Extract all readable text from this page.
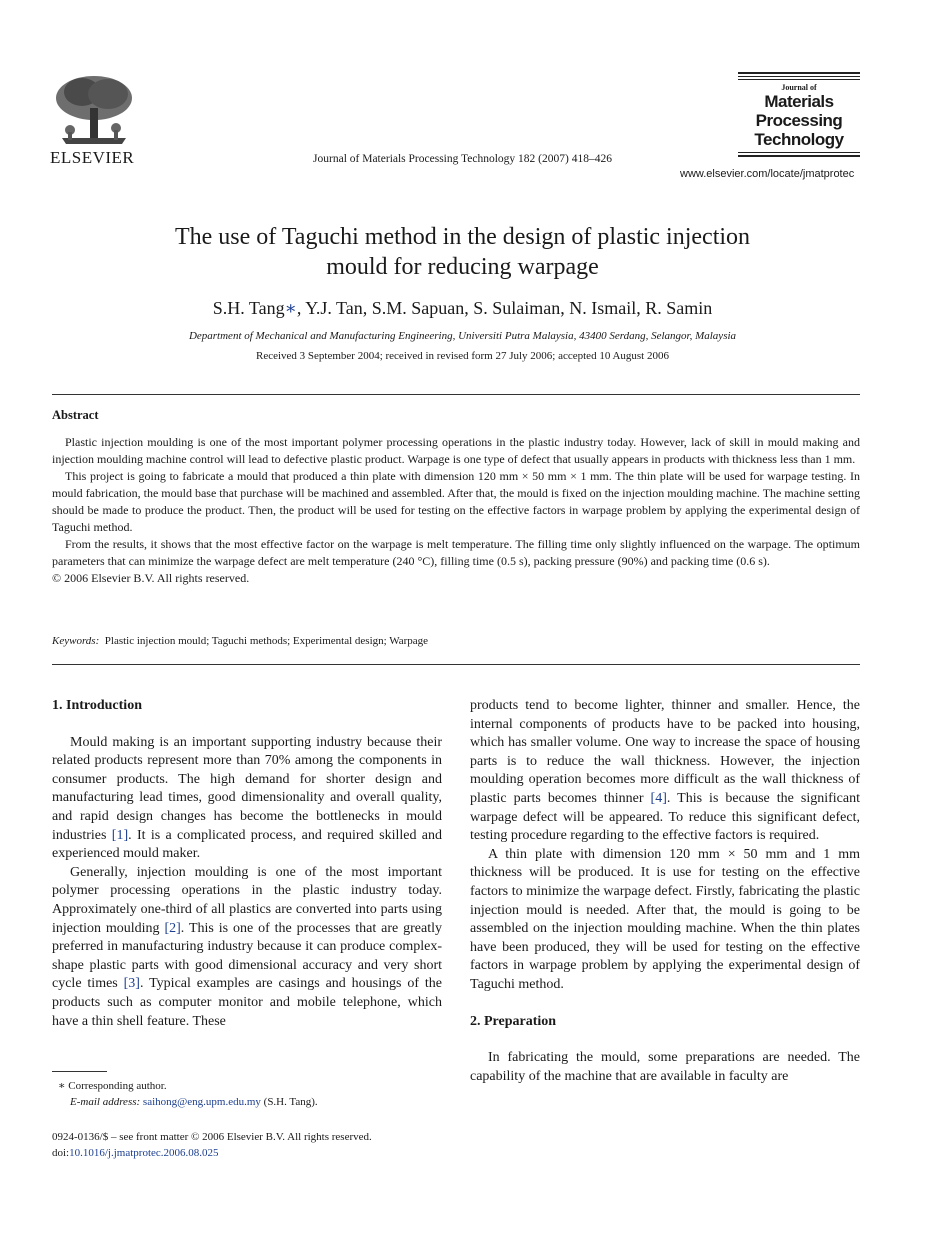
ELSEVIER	Journal of Materials Processing Technology 182 (2007) 418–426
Journal of
Materials
Processing
Technology
www.elsevier.com/locate/jmatprotec
The use of Taguchi method in the design of plastic injection
mould for reducing warpage
S.H. Tang∗, Y.J. Tan, S.M. Sapuan, S. Sulaiman, N. Ismail, R. Samin
Department of Mechanical and Manufacturing Engineering, Universiti Putra Malaysia, 43400 Serdang, Selangor, Malaysia
Received 3 September 2004; received in revised form 27 July 2006; accepted 10 August 2006
Abstract

Plastic injection moulding is one of the most important polymer processing operations in the plastic industry today. However, lack of skill in mould making and injection moulding machine control will lead to defective plastic product. Warpage is one type of defect that usually appears in products with thickness less than 1 mm.

This project is going to fabricate a mould that produced a thin plate with dimension 120 mm × 50 mm × 1 mm. The thin plate will be used for warpage testing. In mould fabrication, the mould base that purchase will be machined and assembled. After that, the mould is fixed on the injection moulding machine. The machine setting should be made to produce the product. Then, the product will be used for testing on the effective factors in warpage problem by applying the experimental design of Taguchi method.

From the results, it shows that the most effective factor on the warpage is melt temperature. The filling time only slightly influenced on the warpage. The optimum parameters that can minimize the warpage defect are melt temperature (240 °C), filling time (0.5 s), packing pressure (90%) and packing time (0.6 s).

© 2006 Elsevier B.V. All rights reserved.

Keywords: Plastic injection mould; Taguchi methods; Experimental design; Warpage
1. Introduction

Mould making is an important supporting industry because their related products represent more than 70% among the components in consumer products. The high demand for shorter design and manufacturing lead times, good dimensionality and overall quality, and rapid design changes has become the bottlenecks in mould industries [1]. It is a complicated process, and required skilled and experienced mould maker.

Generally, injection moulding is one of the most important polymer processing operations in the plastic industry today. Approximately one-third of all plastics are converted into parts using injection moulding [2]. This is one of the processes that are greatly preferred in manufacturing industry because it can produce complex-shape plastic parts with good dimensional accuracy and very short cycle times [3]. Typical examples are casings and housings of the products such as computer monitor and mobile telephone, which have a thin shell feature. These

products tend to become lighter, thinner and smaller. Hence, the internal components of products have to be packed into housing, which has smaller volume. One way to increase the space of housing parts is to reduce the wall thickness. However, the injection moulding operation becomes more difficult as the wall thickness of plastic parts becomes thinner [4]. This is because the significant warpage defect will be appeared. To reduce this significant defect, testing procedure regarding to the effective factors is required.

A thin plate with dimension 120 mm × 50 mm and 1 mm thickness will be produced. It is use for testing on the effective factors to minimize the warpage defect. Firstly, fabricating the plastic injection mould is needed. After that, the mould is going to be assembled on the injection moulding machine. When the thin plates have been produced, they will be used for testing on the effective factors in warpage problem by applying the experimental design of Taguchi method.

2. Preparation

In fabricating the mould, some preparations are needed. The capability of the machine that are available in faculty are

∗ Corresponding author.
E-mail address: saihong@eng.upm.edu.my (S.H. Tang).
0924-0136/$ – see front matter © 2006 Elsevier B.V. All rights reserved.
doi:10.1016/j.jmatprotec.2006.08.025
